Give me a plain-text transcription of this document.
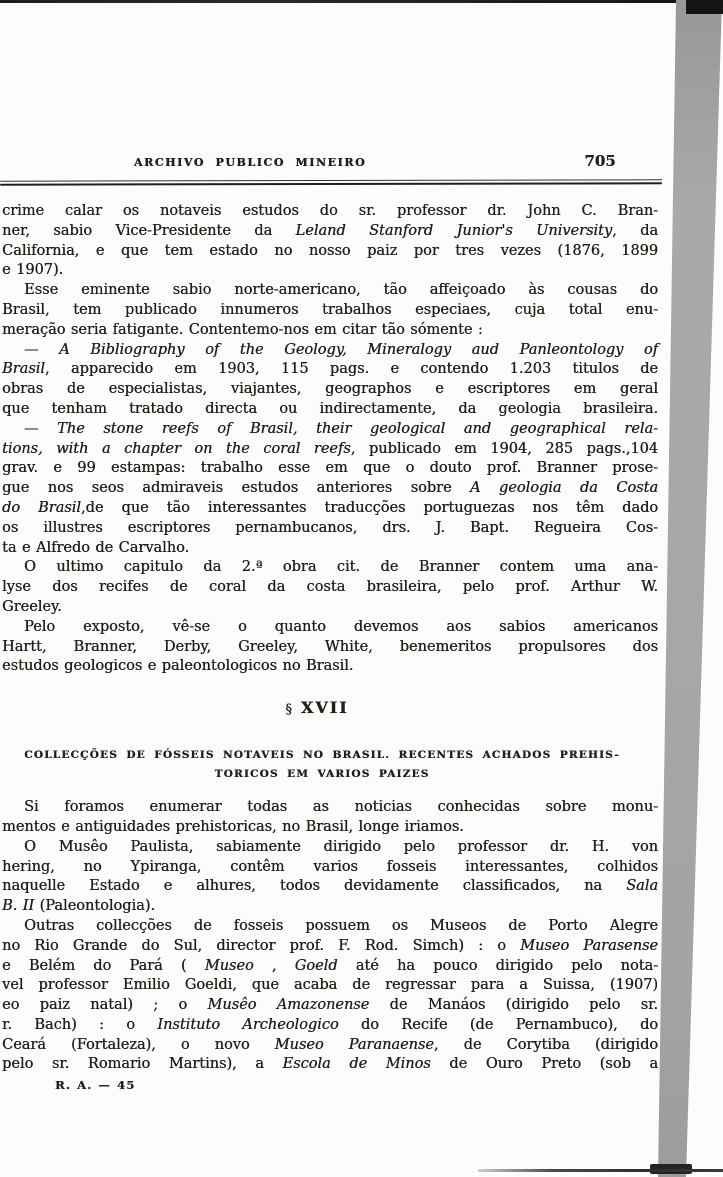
ARCHIVO PUBLICO MINEIRO	705
crime calar os notaveis estudos do sr. professor dr. John C. Bran-
ner, sabio Vice-Presidente da Leland Stanford Junior's University, da
California, e que tem estado no nosso paiz por tres vezes (1876, 1899
e 1907).
Esse eminente sabio norte-americano, tão affeiçoado às cousas do
Brasil, tem publicado innumeros trabalhos especiaes, cuja total enu-
meração seria fatigante. Contentemo-nos em citar tão sómente :
— A Bibliography of the Geology, Mineralogy aud Panleontology of
Brasil, apparecido em 1903, 115 pags. e contendo 1.203 titulos de
obras de especialistas, viajantes, geographos e escriptores em geral
que tenham tratado directa ou indirectamente, da geologia brasileira.
— The stone reefs of Brasil, their geological and geographical rela-
tions, with a chapter on the coral reefs, publicado em 1904, 285 pags.,104
grav. e 99 estampas: trabalho esse em que o douto prof. Branner prose-
gue nos seos admiraveis estudos anteriores sobre A geologia da Costa
do Brasil,de que tão interessantes traducções portuguezas nos têm dado
os illustres escriptores pernambucanos, drs. J. Bapt. Regueira Cos-
ta e Alfredo de Carvalho.
O ultimo capitulo da 2.ª obra cit. de Branner contem uma ana-
lyse dos recifes de coral da costa brasileira, pelo prof. Arthur W.
Greeley.
Pelo exposto, vê-se o quanto devemos aos sabios americanos
Hartt, Branner, Derby, Greeley, White, benemeritos propulsores dos
estudos geologicos e paleontologicos no Brasil.
§ XVII
COLLECÇÕES DE FÓSSEIS NOTAVEIS NO BRASIL. RECENTES ACHADOS PREHIS-
TORICOS EM VARIOS PAIZES
Si foramos enumerar todas as noticias conhecidas sobre monu-
mentos e antiguidades prehistoricas, no Brasil, longe iriamos.
O Musêo Paulista, sabiamente dirigido pelo professor dr. H. von
hering, no Ypiranga, contêm varios fosseis interessantes, colhidos
naquelle Estado e alhures, todos devidamente classificados, na Sala
B. II (Paleontologia).
Outras collecções de fosseis possuem os Museos de Porto Alegre
no Rio Grande do Sul, director prof. F. Rod. Simch) : o Museo Parasense
e Belém do Pará ( Museo , Goeld até ha pouco dirigido pelo nota-
vel professor Emilio Goeldi, que acaba de regressar para a Suissa, (1907)
eo paiz natal) ; o Musêo Amazonense de Manáos (dirigido pelo sr.
r. Bach) : o Instituto Archeologico do Recife (de Pernambuco), do
Ceará (Fortaleza), o novo Museo Paranaense, de Corytiba (dirigido
pelo sr. Romario Martins), a Escola de Minos de Ouro Preto (sob a
R. A. — 45
